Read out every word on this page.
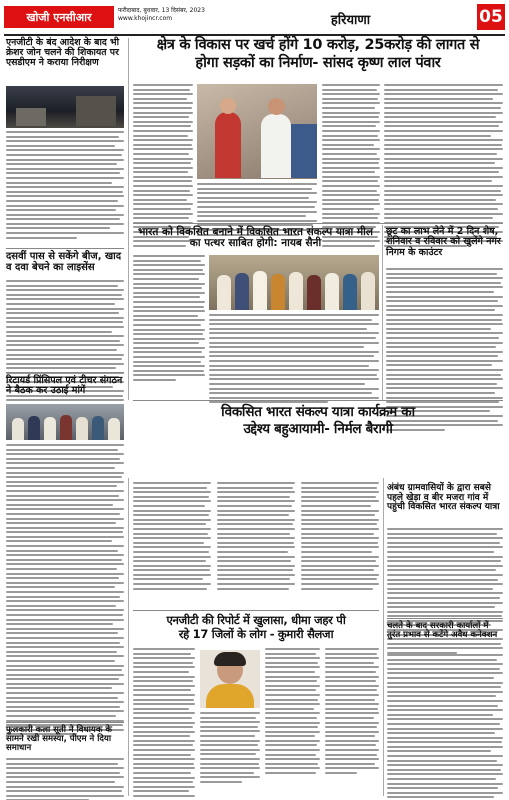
खोजी एनसीआर	फरीदाबाद, बुधवार, 13 दिसंबर, 2023
www.khojincr.com	हरियाणा	05
एनजीटी के बंद आदेश के बाद भी क्रेशर जोन चलने की शिकायत पर एसडीएम ने कराया निरीक्षण
दसवीं पास से सकेंगे बीज, खाद व दवा बेचने का लाइसेंस
क्षेत्र के विकास पर खर्च होंगे 10 करोड़, 25करोड़ की लागत से
होगा सड़कों का निर्माण- सांसद कृष्ण लाल पंवार
भारत को विकसित बनाने में विकसित भारत संकल्प यात्रा मील का पत्थर साबित होगी: नायब सैनी
छूट का लाभ लेने में 2 दिन शेष, शनिवार व रविवार को खुलेंगे नगर निगम के काउंटर
रिटायर्ड प्रिंसिपल एवं टीचर संगठन ने बैठक कर उठाई मांगें
विकसित भारत संकल्प यात्रा कार्यक्रम का
उद्देश्य बहुआयामी- निर्मल बैरागी
अंबंध ग्रामवासियों के द्वारा सबसे पहले खेड़ा व बीर मजरा गांव में पहुंची विकसित भारत संकल्प यात्रा
एनजीटी की रिपोर्ट में खुलासा, धीमा जहर पी
रहे 17 जिलों के लोग - कुमारी सैलजा
फुलकारी कला सूती ने विधायक के सामने रखी समस्या, पीएम ने दिया समाधान
चलते के बाद सरकारी कार्यालों में तुरंत प्रभाव से कटेंगे अवैध कनेक्शन
